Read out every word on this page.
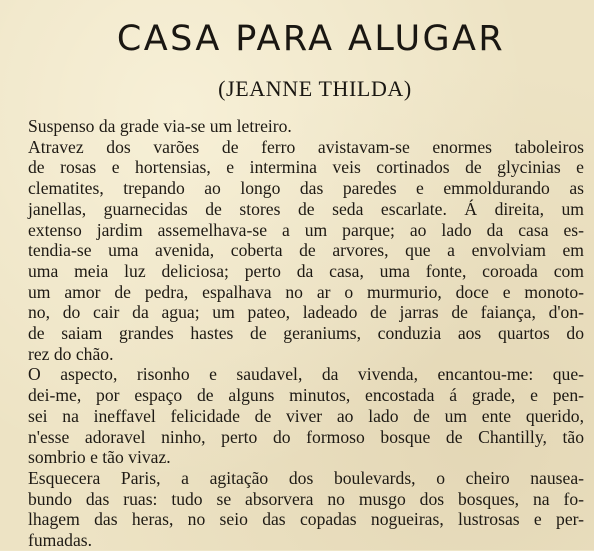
CASA PARA ALUGAR
(JEANNE THILDA)
Suspenso da grade via-se um letreiro.
Atravez dos varões de ferro avistavam-se enormes taboleiros
de rosas e hortensias, e intermina veis cortinados de glycinias e
clematites, trepando ao longo das paredes e emmoldurando as
janellas, guarnecidas de stores de seda escarlate. Á direita, um
extenso jardim assemelhava-se a um parque; ao lado da casa es-
tendia-se uma avenida, coberta de arvores, que a envolviam em
uma meia luz deliciosa; perto da casa, uma fonte, coroada com
um amor de pedra, espalhava no ar o murmurio, doce e monoto-
no, do cair da agua; um pateo, ladeado de jarras de faiança, d'on-
de saiam grandes hastes de geraniums, conduzia aos quartos do
rez do chão.
O aspecto, risonho e saudavel, da vivenda, encantou-me: que-
dei-me, por espaço de alguns minutos, encostada á grade, e pen-
sei na ineffavel felicidade de viver ao lado de um ente querido,
n'esse adoravel ninho, perto do formoso bosque de Chantilly, tão
sombrio e tão vivaz.
Esquecera Paris, a agitação dos boulevards, o cheiro nausea-
bundo das ruas: tudo se absorvera no musgo dos bosques, na fo-
lhagem das heras, no seio das copadas nogueiras, lustrosas e per-
fumadas.
